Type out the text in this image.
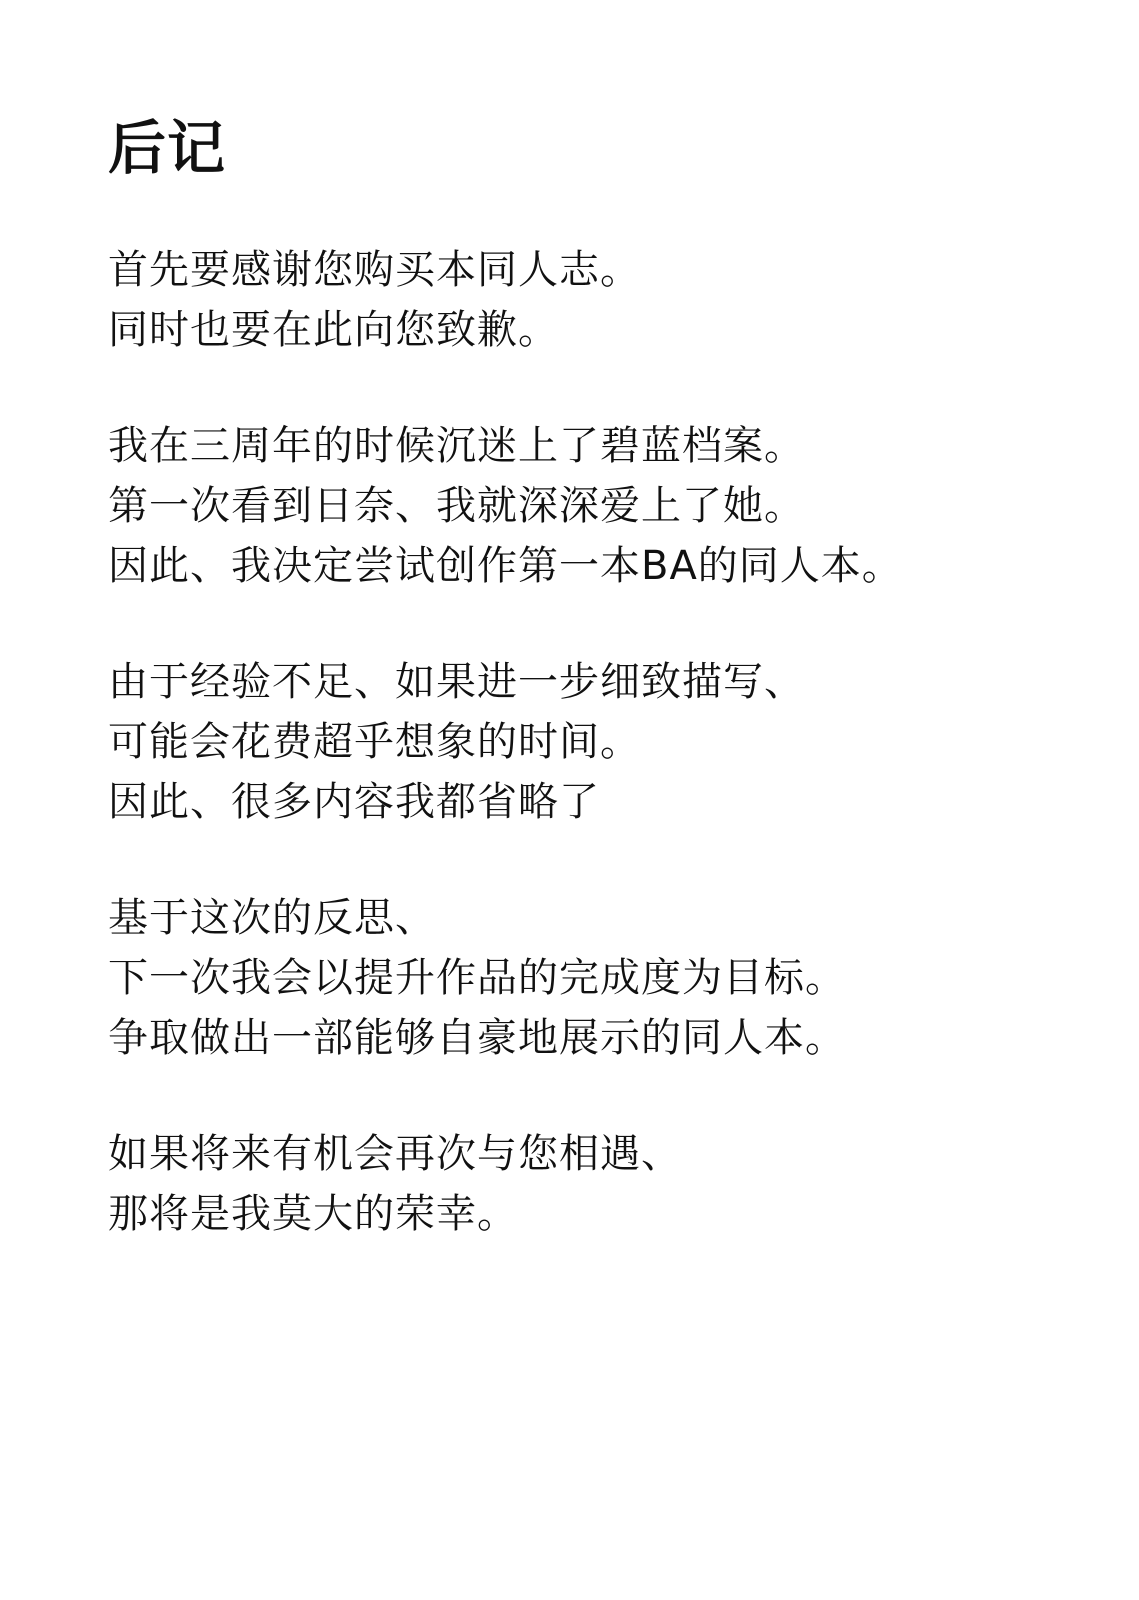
后记
首先要感谢您购买本同人志。
同时也要在此向您致歉。
我在三周年的时候沉迷上了碧蓝档案。
第一次看到日奈、我就深深爱上了她。
因此、我决定尝试创作第一本BA的同人本。
由于经验不足、如果进一步细致描写、
可能会花费超乎想象的时间。
因此、很多内容我都省略了
基于这次的反思、
下一次我会以提升作品的完成度为目标。
争取做出一部能够自豪地展示的同人本。
如果将来有机会再次与您相遇、
那将是我莫大的荣幸。
